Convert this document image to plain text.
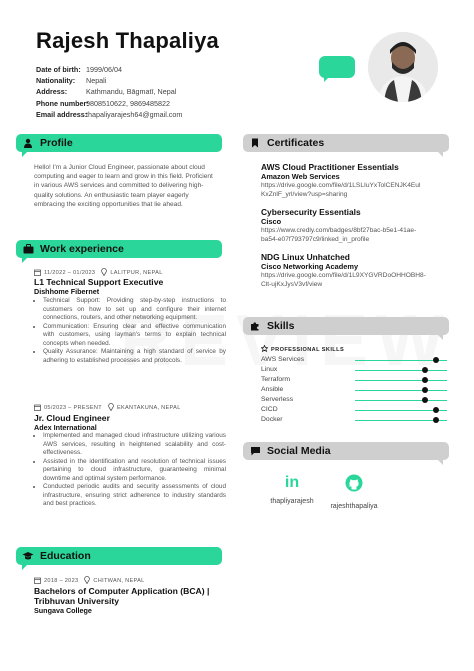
Rajesh Thapaliya
Date of birth: 1999/06/04
Nationality: Nepali
Address:	Kathmandu, Bāgmatī, Nepal
Phone number:9808510622, 9869485822
Email address:thapaliyarajesh64@gmail.com
Profile
Hello! I'm a Junior Cloud Engineer, passionate about cloud computing and eager to learn and grow in this field. Proficient in various AWS services and committed to delivering high-quality solutions. An enthusiastic team player eagerly embracing the exciting opportunities that lie ahead.
Work experience
11/2022 – 01/2023	LALITPUR, NEPAL
L1 Technical Support Executive
Dishhome Fibernet
• Technical Support: Providing step-by-step instructions to customers on how to set up and configure their internet connections, routers, and other networking equipment.
• Communication: Ensuring clear and effective communication with customers, using layman's terms to explain technical concepts when needed.
• Quality Assurance: Maintaining a high standard of service by adhering to established processes and protocols.
05/2023 – PRESENT	EKANTAKUNA, NEPAL
Jr. Cloud Engineer
Adex International
• Implemented and managed cloud infrastructure utilizing various AWS services, resulting in heightened scalability and cost-effectiveness.
• Assisted in the identification and resolution of technical issues pertaining to cloud infrastructure, guaranteeing minimal downtime and optimal system performance.
• Conducted periodic audits and security assessments of cloud infrastructure, ensuring strict adherence to industry standards and best practices.
Education
2018 – 2023	CHITWAN, NEPAL
Bachelors of Computer Application (BCA) |
Tribhuvan University
Sungava College
Certificates
AWS Cloud Practitioner Essentials
Amazon Web Services
https://drive.google.com/file/d/1LSLIuYxTolCENJK4Eul
KxZnlF_yrl/view?usp=sharing
Cybersecurity Essentials
Cisco
https://www.credly.com/badges/8bf27bac-b5e1-41ae-
ba54-e07f793797c9/linked_in_profile
NDG Linux Unhatched
Cisco Networking Academy
https://drive.google.com/file/d/1L9XYGVRDoOHHOBH8-
Clt-ujKxJysV3vf/view
Skills
PROFESSIONAL SKILLS
AWS Services
Linux
Terraform
Ansible
Serverless
CICD
Docker
Social Media
in
thapliyarajesh
rajeshthapaliya
